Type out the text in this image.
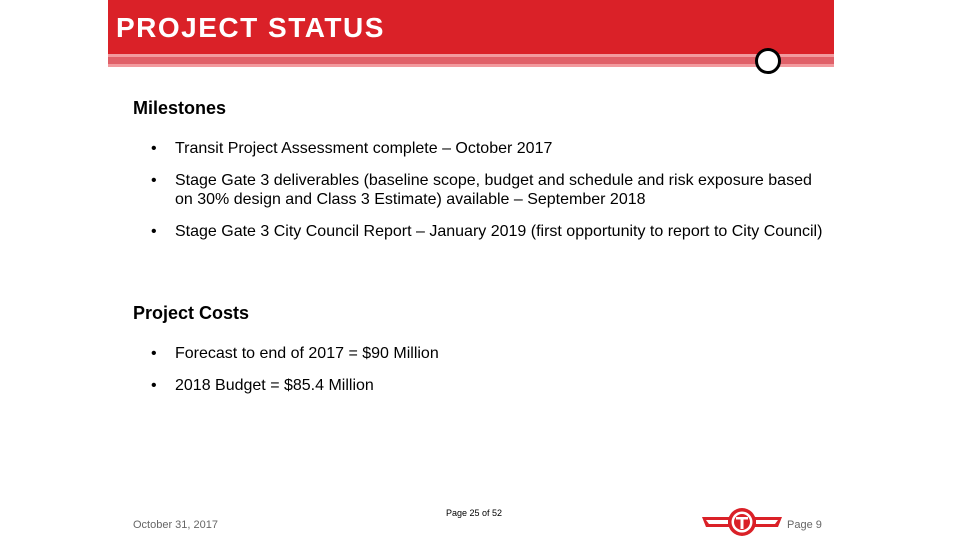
PROJECT STATUS
Milestones
• Transit Project Assessment complete – October 2017
• Stage Gate 3 deliverables (baseline scope, budget and schedule and risk exposure based on 30% design and Class 3 Estimate) available – September 2018
• Stage Gate 3 City Council Report – January 2019 (first opportunity to report to City Council)
Project Costs
• Forecast to end of 2017 = $90 Million
• 2018 Budget = $85.4 Million
Page 25 of 52
October 31, 2017	Page 9
